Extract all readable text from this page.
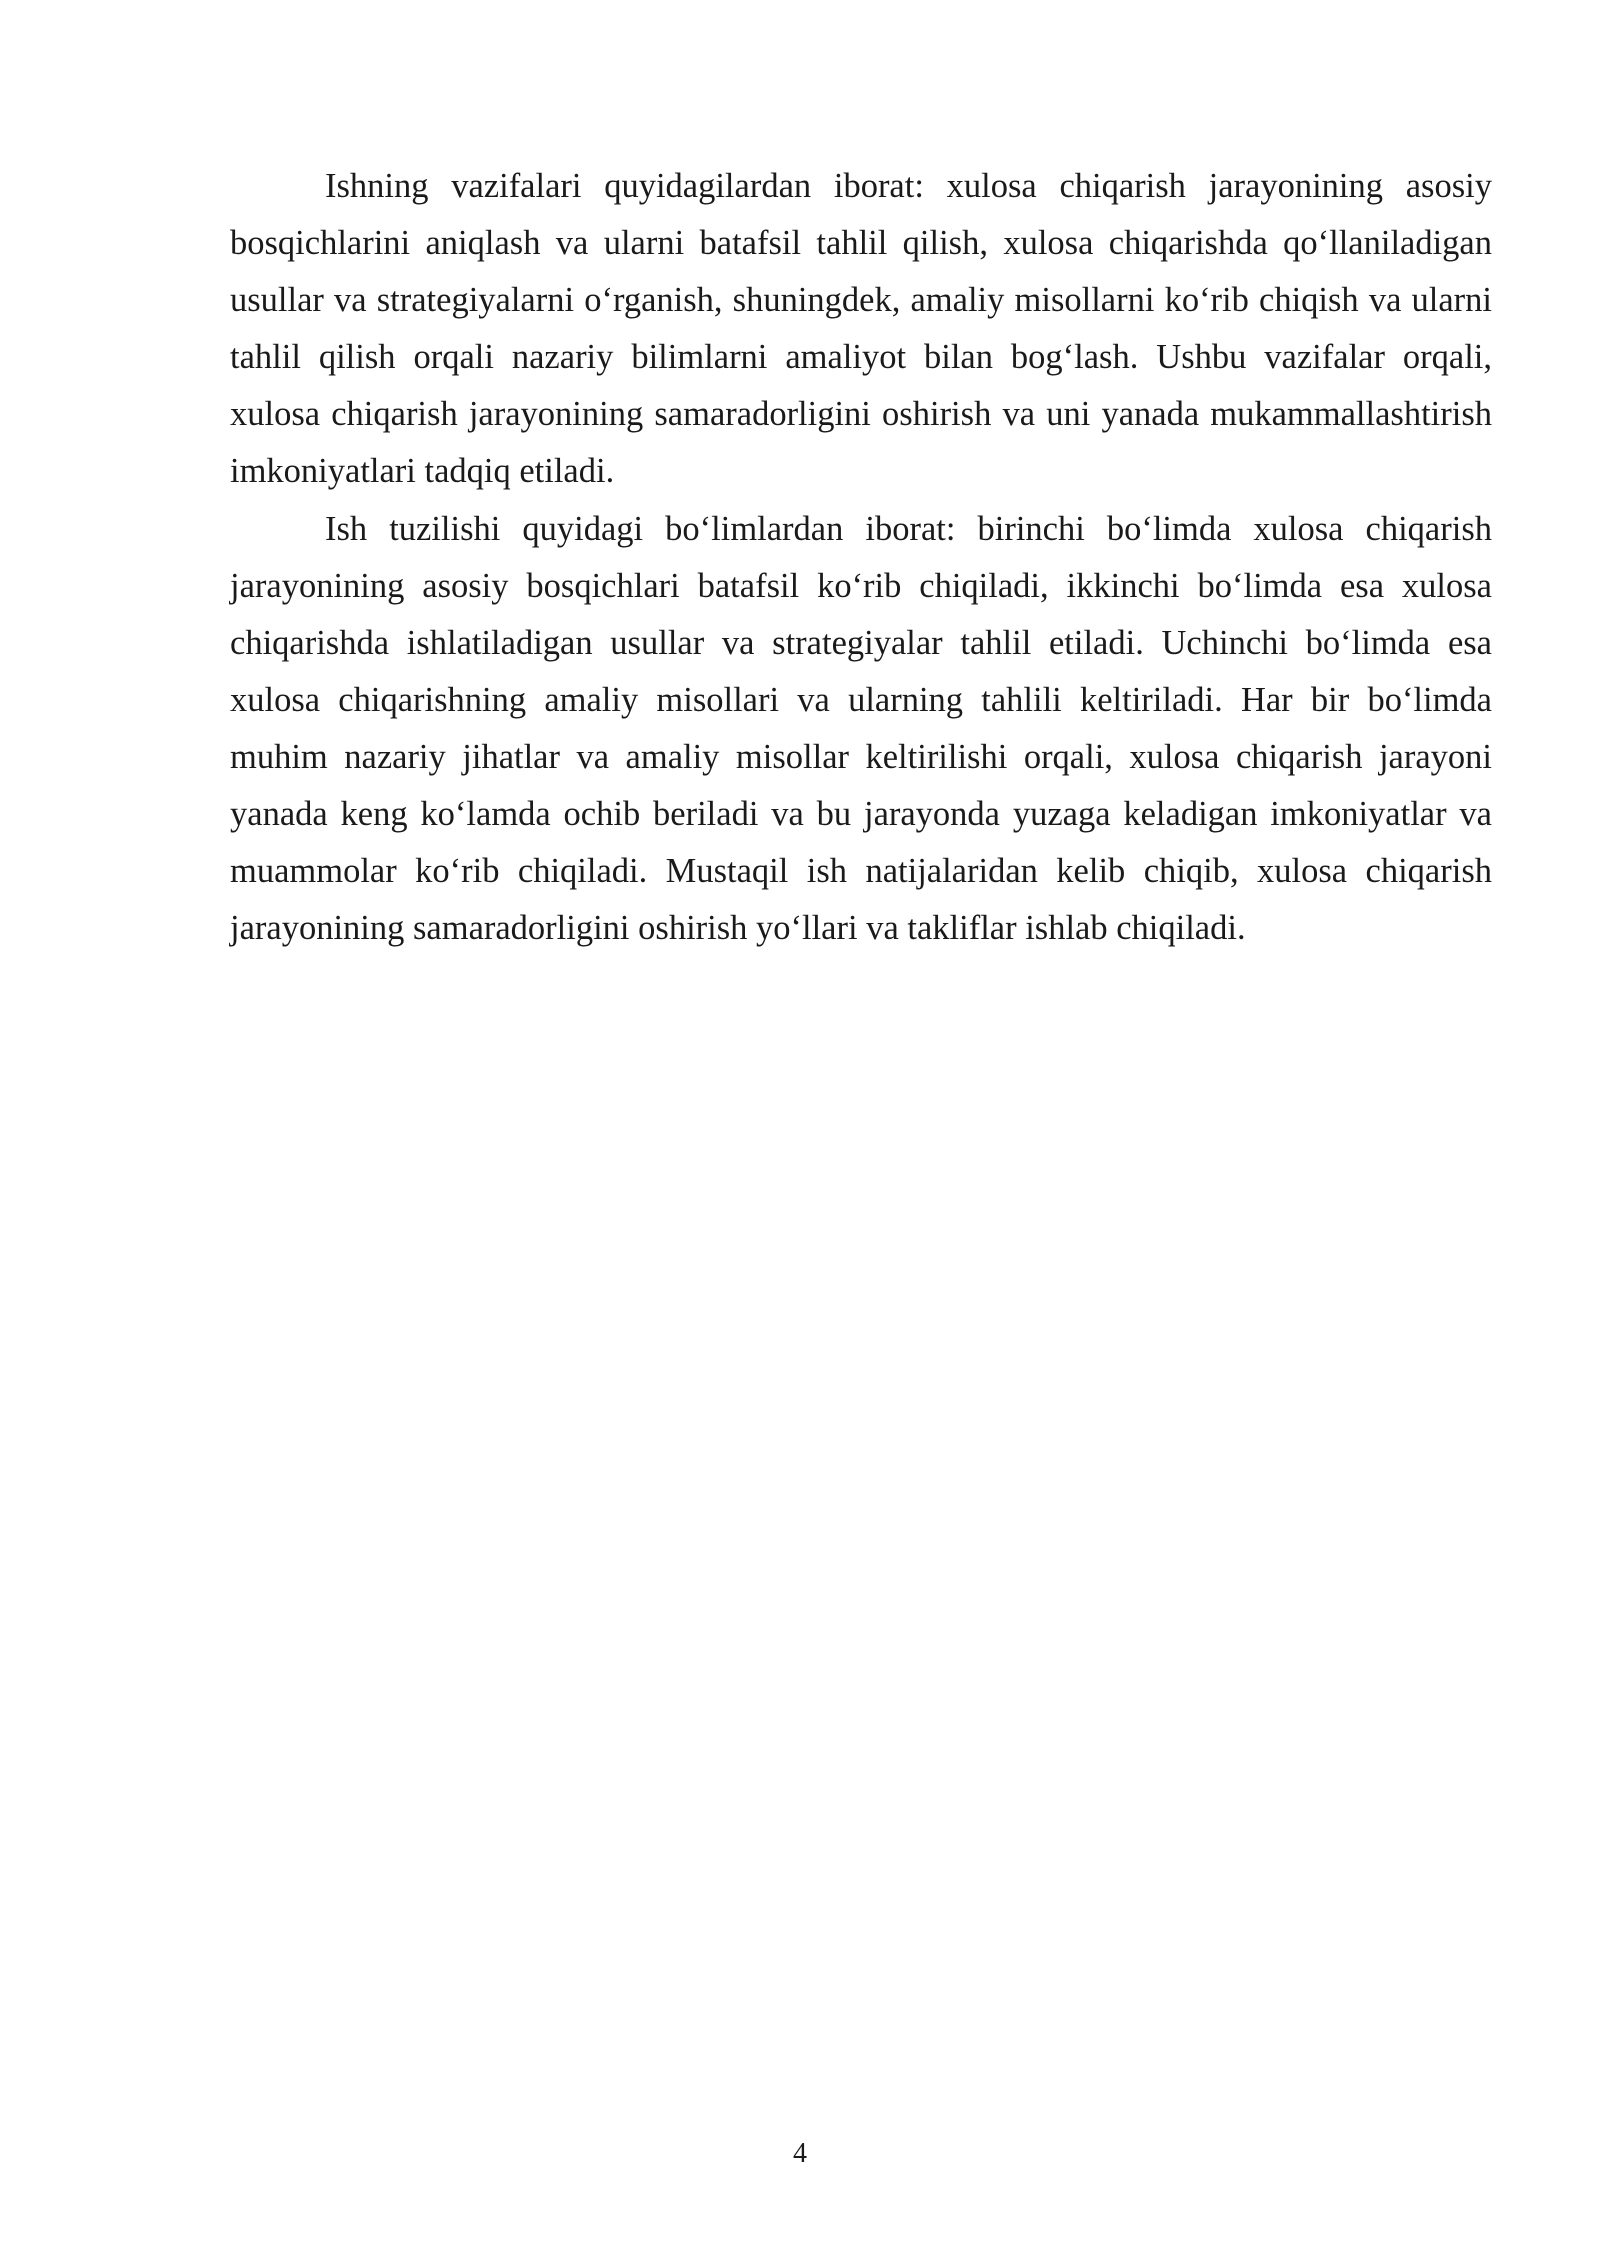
Ishning vazifalari quyidagilardan iborat: xulosa chiqarish jarayonining asosiy bosqichlarini aniqlash va ularni batafsil tahlil qilish, xulosa chiqarishda qo‘llaniladigan usullar va strategiyalarni o‘rganish, shuningdek, amaliy misollarni ko‘rib chiqish va ularni tahlil qilish orqali nazariy bilimlarni amaliyot bilan bog‘lash. Ushbu vazifalar orqali, xulosa chiqarish jarayonining samaradorligini oshirish va uni yanada mukammallashtirish imkoniyatlari tadqiq etiladi.

Ish tuzilishi quyidagi bo‘limlardan iborat: birinchi bo‘limda xulosa chiqarish jarayonining asosiy bosqichlari batafsil ko‘rib chiqiladi, ikkinchi bo‘limda esa xulosa chiqarishda ishlatiladigan usullar va strategiyalar tahlil etiladi. Uchinchi bo‘limda esa xulosa chiqarishning amaliy misollari va ularning tahlili keltiriladi. Har bir bo‘limda muhim nazariy jihatlar va amaliy misollar keltirilishi orqali, xulosa chiqarish jarayoni yanada keng ko‘lamda ochib beriladi va bu jarayonda yuzaga keladigan imkoniyatlar va muammolar ko‘rib chiqiladi. Mustaqil ish natijalaridan kelib chiqib, xulosa chiqarish jarayonining samaradorligini oshirish yo‘llari va takliflar ishlab chiqiladi.

4
